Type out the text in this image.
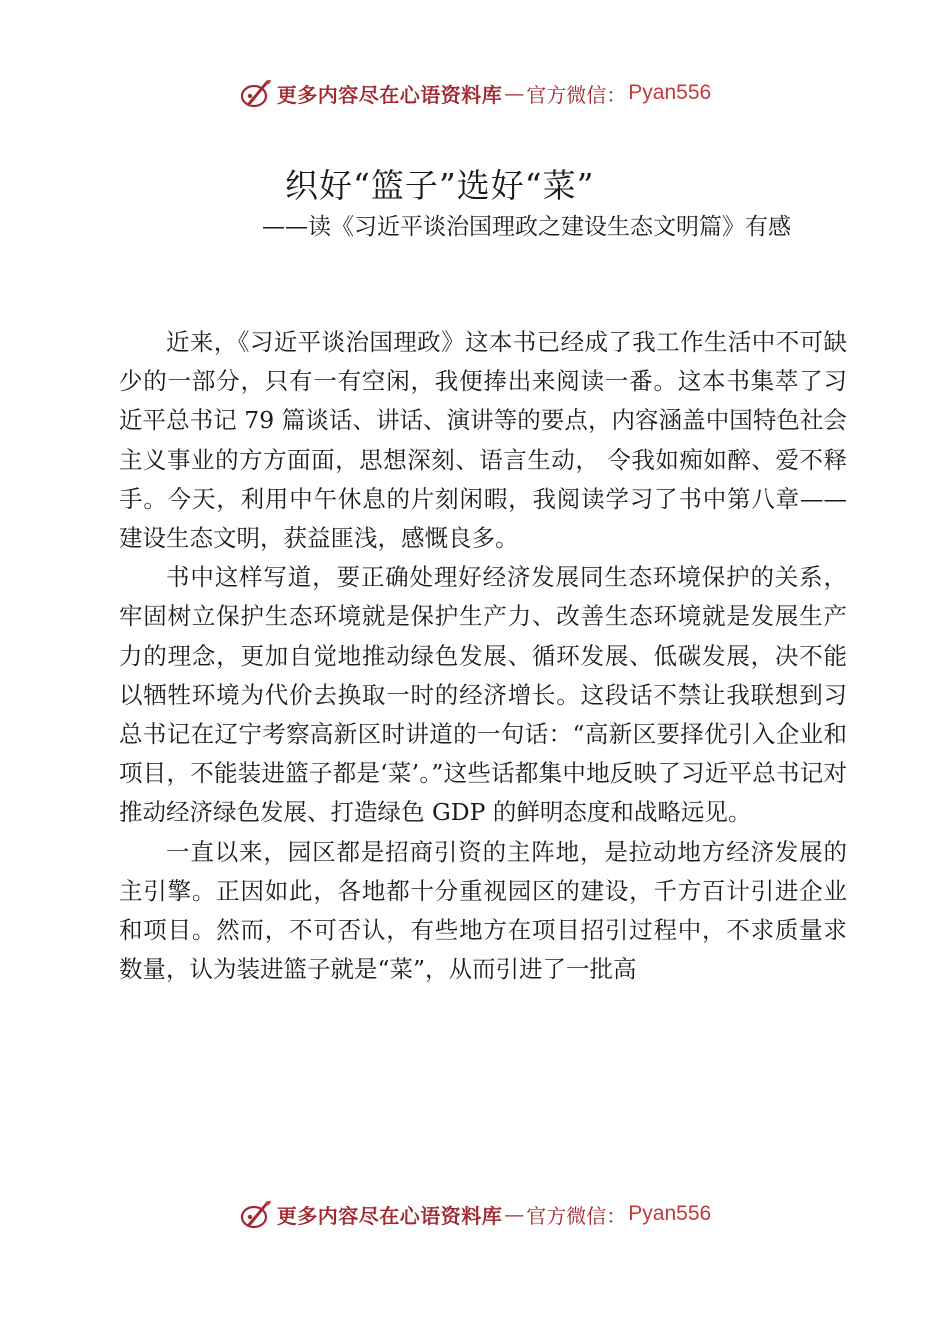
更多内容尽在心语资料库 — 官方微信： Pyan556
织好“篮子”选好“菜”

——读《习近平谈治国理政之建设生态文明篇》有感

近来，《习近平谈治国理政》这本书已经成了我工作生活中不可缺少的一部分，只有一有空闲，我便捧出来阅读一番。这本书集萃了习近平总书记 79 篇谈话、讲话、演讲等的要点，内容涵盖中国特色社会主义事业的方方面面，思想深刻、语言生动， 令我如痴如醉、爱不释手。今天，利用中午休息的片刻闲暇，我阅读学习了书中第八章——建设生态文明，获益匪浅，感慨良多。

书中这样写道，要正确处理好经济发展同生态环境保护的关系，牢固树立保护生态环境就是保护生产力、改善生态环境就是发展生产力的理念，更加自觉地推动绿色发展、循环发展、低碳发展，决不能以牺牲环境为代价去换取一时的经济增长。这段话不禁让我联想到习总书记在辽宁考察高新区时讲道的一句话：“高新区要择优引入企业和项目，不能装进篮子都是‘菜’。”这些话都集中地反映了习近平总书记对推动经济绿色发展、打造绿色 GDP 的鲜明态度和战略远见。

一直以来，园区都是招商引资的主阵地，是拉动地方经济发展的主引擎。正因如此，各地都十分重视园区的建设，千方百计引进企业和项目。然而，不可否认，有些地方在项目招引过程中，不求质量求数量，认为装进篮子就是“菜”，从而引进了一批高

更多内容尽在心语资料库 — 官方微信： Pyan556
